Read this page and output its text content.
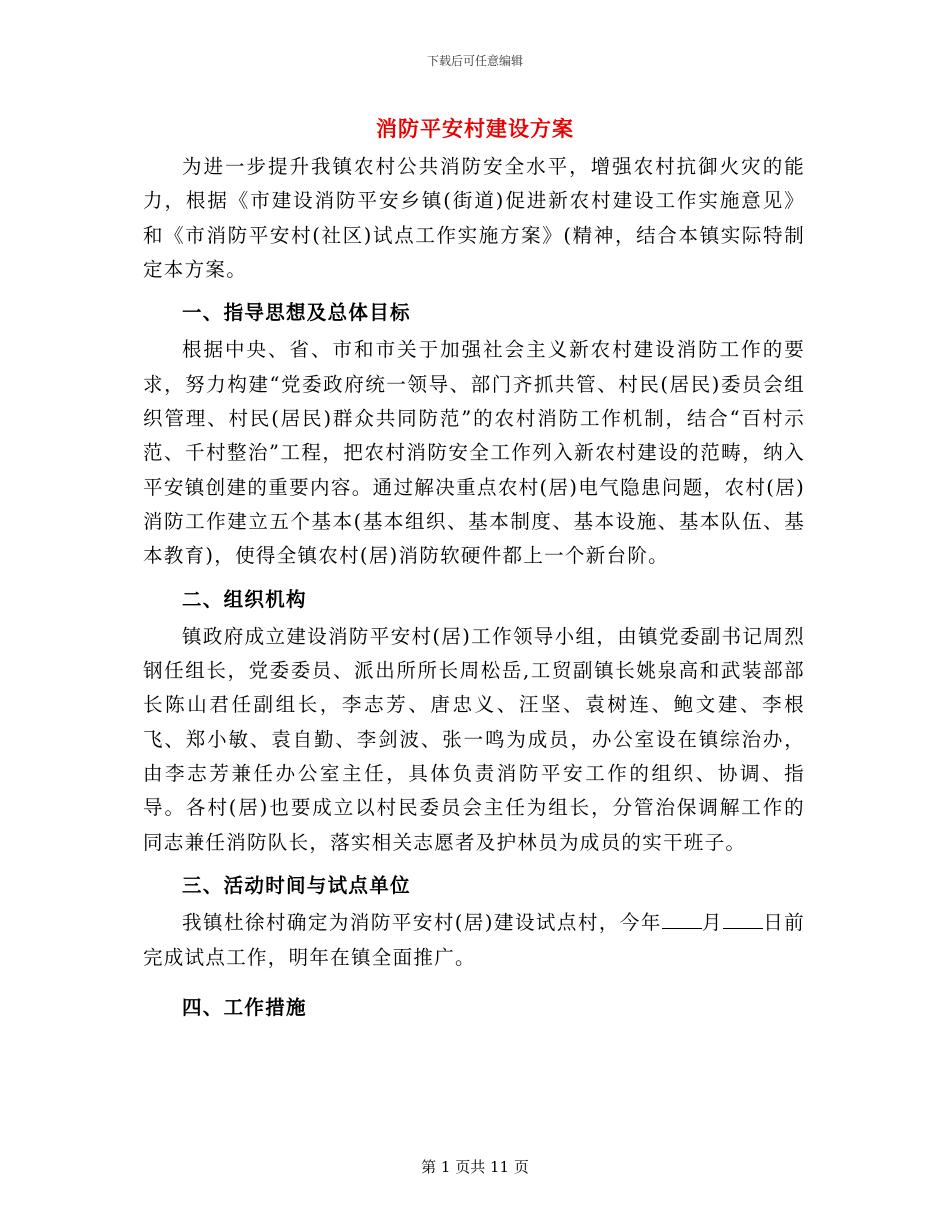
下载后可任意编辑
消防平安村建设方案

为进一步提升我镇农村公共消防安全水平，增强农村抗御火灾的能力，根据《市建设消防平安乡镇(街道)促进新农村建设工作实施意见》和《市消防平安村(社区)试点工作实施方案》(精神，结合本镇实际特制定本方案。

一、指导思想及总体目标

根据中央、省、市和市关于加强社会主义新农村建设消防工作的要求，努力构建“党委政府统一领导、部门齐抓共管、村民(居民)委员会组织管理、村民(居民)群众共同防范”的农村消防工作机制，结合“百村示范、千村整治”工程，把农村消防安全工作列入新农村建设的范畴，纳入平安镇创建的重要内容。通过解决重点农村(居)电气隐患问题，农村(居)消防工作建立五个基本(基本组织、基本制度、基本设施、基本队伍、基本教育)，使得全镇农村(居)消防软硬件都上一个新台阶。

二、组织机构

镇政府成立建设消防平安村(居)工作领导小组，由镇党委副书记周烈钢任组长，党委委员、派出所所长周松岳,工贸副镇长姚泉高和武装部部长陈山君任副组长，李志芳、唐忠义、汪坚、袁树连、鲍文建、李根飞、郑小敏、袁自勤、李剑波、张一鸣为成员，办公室设在镇综治办，由李志芳兼任办公室主任，具体负责消防平安工作的组织、协调、指导。各村(居)也要成立以村民委员会主任为组长，分管治保调解工作的同志兼任消防队长，落实相关志愿者及护林员为成员的实干班子。

三、活动时间与试点单位

我镇杜徐村确定为消防平安村(居)建设试点村，今年 月 日前完成试点工作，明年在镇全面推广。

四、工作措施
第 1 页共 11 页
